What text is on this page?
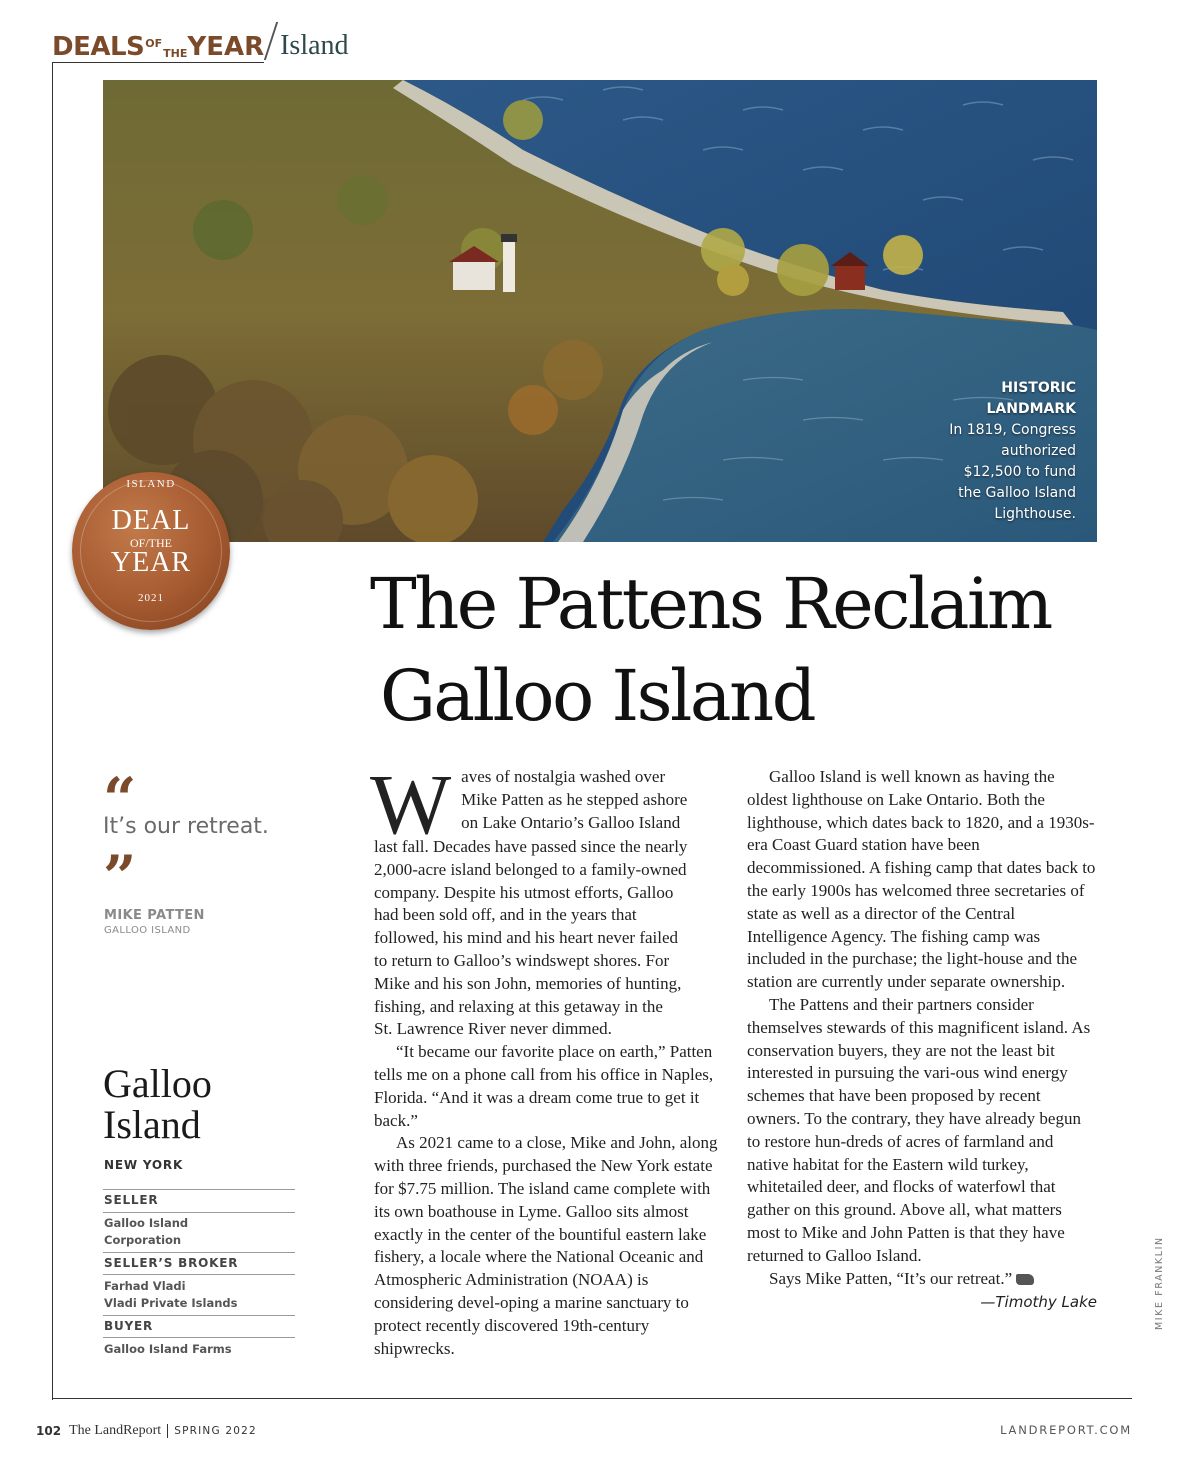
DEALS OF
THE YEAR Island
HISTORIC
LANDMARK
In 1819, Congress
authorized
$12,500 to fund
the Galloo Island
Lighthouse.
ISLAND
DEAL
OF/THE
YEAR
2021	The Pattens Reclaim
Galloo Island
“
It’s our retreat.
”
MIKE PATTEN
GALLOO ISLAND
Galloo
Island
NEW YORK
SELLER
Galloo Island
Corporation
SELLER’S BROKER
Farhad Vladi
Vladi Private Islands
BUYER
Galloo Island Farms

W aves of nostalgia washed over
Mike Patten as he stepped ashore
on Lake Ontario’s Galloo Island
last fall. Decades have passed since the nearly
2,000-acre island belonged to a family-owned
company. Despite his utmost efforts, Galloo
had been sold off, and in the years that
followed, his mind and his heart never failed
to return to Galloo’s windswept shores. For
Mike and his son John, memories of hunting,
fishing, and relaxing at this getaway in the
St. Lawrence River never dimmed.

“It became our favorite place on earth,” Patten tells me on a phone call from his office in Naples, Florida. “And it was a dream come true to get it back.”

As 2021 came to a close, Mike and John, along with three friends, purchased the New York estate for $7.75 million. The island came complete with its own boathouse in Lyme. Galloo sits almost exactly in the center of the bountiful eastern lake fishery, a locale where the National Oceanic and Atmospheric Administration (NOAA) is considering devel-oping a marine sanctuary to protect recently discovered 19th-century shipwrecks.

Galloo Island is well known as having the oldest lighthouse on Lake Ontario. Both the lighthouse, which dates back to 1820, and a 1930s-era Coast Guard station have been decommissioned. A fishing camp that dates back to the early 1900s has welcomed three secretaries of state as well as a director of the Central Intelligence Agency. The fishing camp was included in the purchase; the light-house and the station are currently under separate ownership.

The Pattens and their partners consider themselves stewards of this magnificent island. As conservation buyers, they are not the least bit interested in pursuing the vari-ous wind energy schemes that have been proposed by recent owners. To the contrary, they have already begun to restore hun-dreds of acres of farmland and native habitat for the Eastern wild turkey, whitetailed deer, and flocks of waterfowl that gather on this ground. Above all, what matters most to Mike and John Patten is that they have returned to Galloo Island.

Says Mike Patten, “It’s our retreat.”

—Timothy Lake	MIKE FRANKLIN
102 The LandReport SPRING 2022	LANDREPORT.COM
